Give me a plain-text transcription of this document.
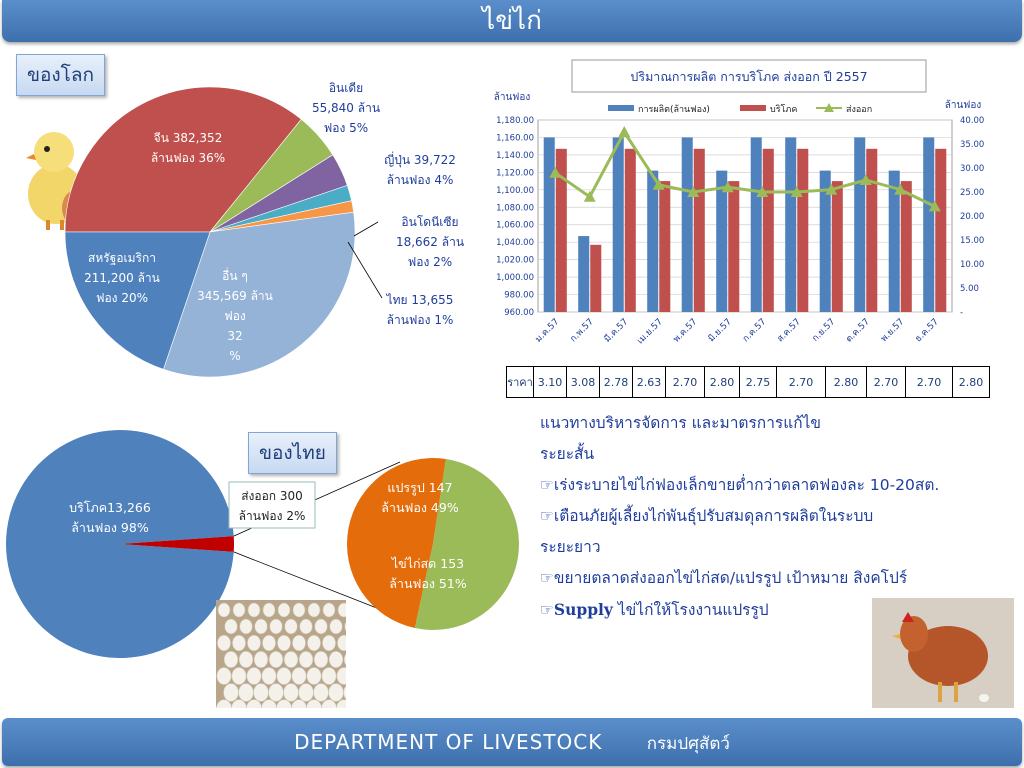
ไข่ไก่
ของโลก
จีน 382,352 ล้านฟอง 36%
อื่น ๆ 345,569 ล้านฟอง 32 %
สหรัฐอเมริกา 211,200 ล้านฟอง 20%
อินเดีย
55,840 ล้าน
ฟอง 5%
ญี่ปุ่น 39,722
ล้านฟอง 4%
อินโดนีเซีย
18,662 ล้าน
ฟอง 2%
ไทย 13,655
ล้านฟอง 1%
ปริมาณการผลิต การบริโภค ส่งออก ปี 2557
ล้านฟอง
ล้านฟอง
การผลิต(ล้านฟอง)	บริโภค	ส่งออก
1,180.00
1,160.00
1,140.00
1,120.00
1,100.00
1,080.00
1,060.00
1,040.00
1,020.00
1,000.00
980.00
960.00
40.00
35.00
30.00
25.00
20.00
15.00
10.00
5.00
-
ม.ค.57 ก.พ.57 มี.ค.57 เม.ย.57 พ.ค.57 มิ.ย.57 ก.ค.57 ส.ค.57 ก.ย.57 ต.ค.57 พ.ย.57 ธ.ค.57
ราคา	3.10	3.08	2.78	2.63	2.70	2.80	2.75	2.70	2.80	2.70	2.70	2.80
ของไทย
บริโภค13,266 ล้านฟอง 98%
ส่งออก 300 ล้านฟอง 2%
แปรรูป 147 ล้านฟอง 49%
ไข่ไก่สด 153 ล้านฟอง 51%
แนวทางบริหารจัดการ และมาตรการแก้ไข
ระยะสั้น
☞เร่งระบายไข่ไก่ฟองเล็กขายต่ำกว่าตลาดฟองละ 10-20สต.
☞เตือนภัยผู้เลี้ยงไก่พันธุ์ปรับสมดุลการผลิตในระบบ
ระยะยาว
☞ขยายตลาดส่งออกไข่ไก่สด/แปรรูป เป้าหมาย สิงคโปร์
☞Supply ไข่ไก่ให้โรงงานแปรรูป
DEPARTMENT OF LIVESTOCK	กรมปศุสัตว์
